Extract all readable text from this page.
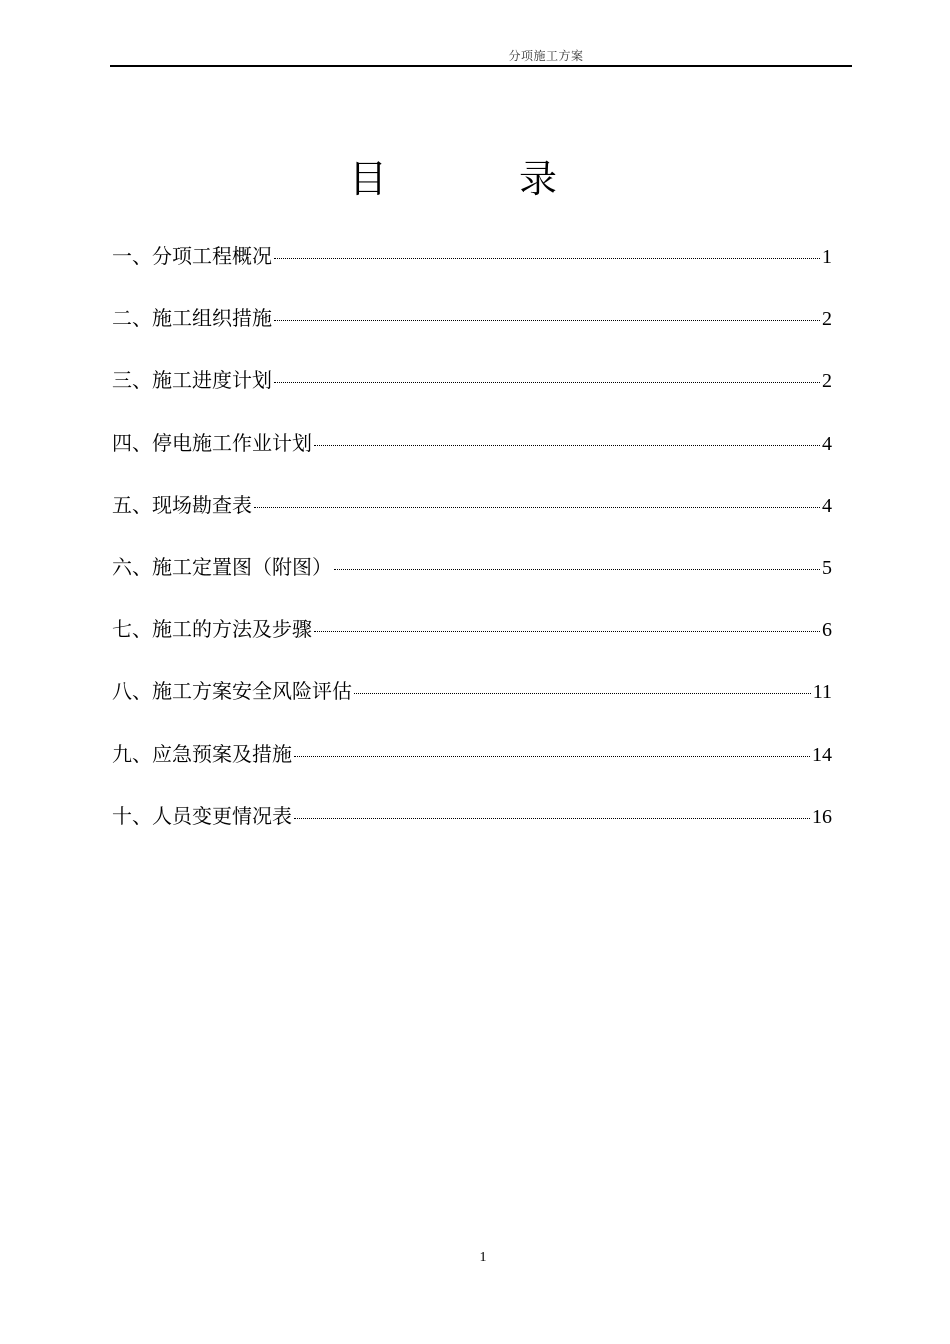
分项施工方案
目 录
一、分项工程概况	1
二、施工组织措施	2
三、施工进度计划	2
四、停电施工作业计划	4
五、现场勘查表	4
六、施工定置图（附图）	5
七、施工的方法及步骤	6
八、施工方案安全风险评估	11
九、应急预案及措施	14
十、人员变更情况表	16
1
